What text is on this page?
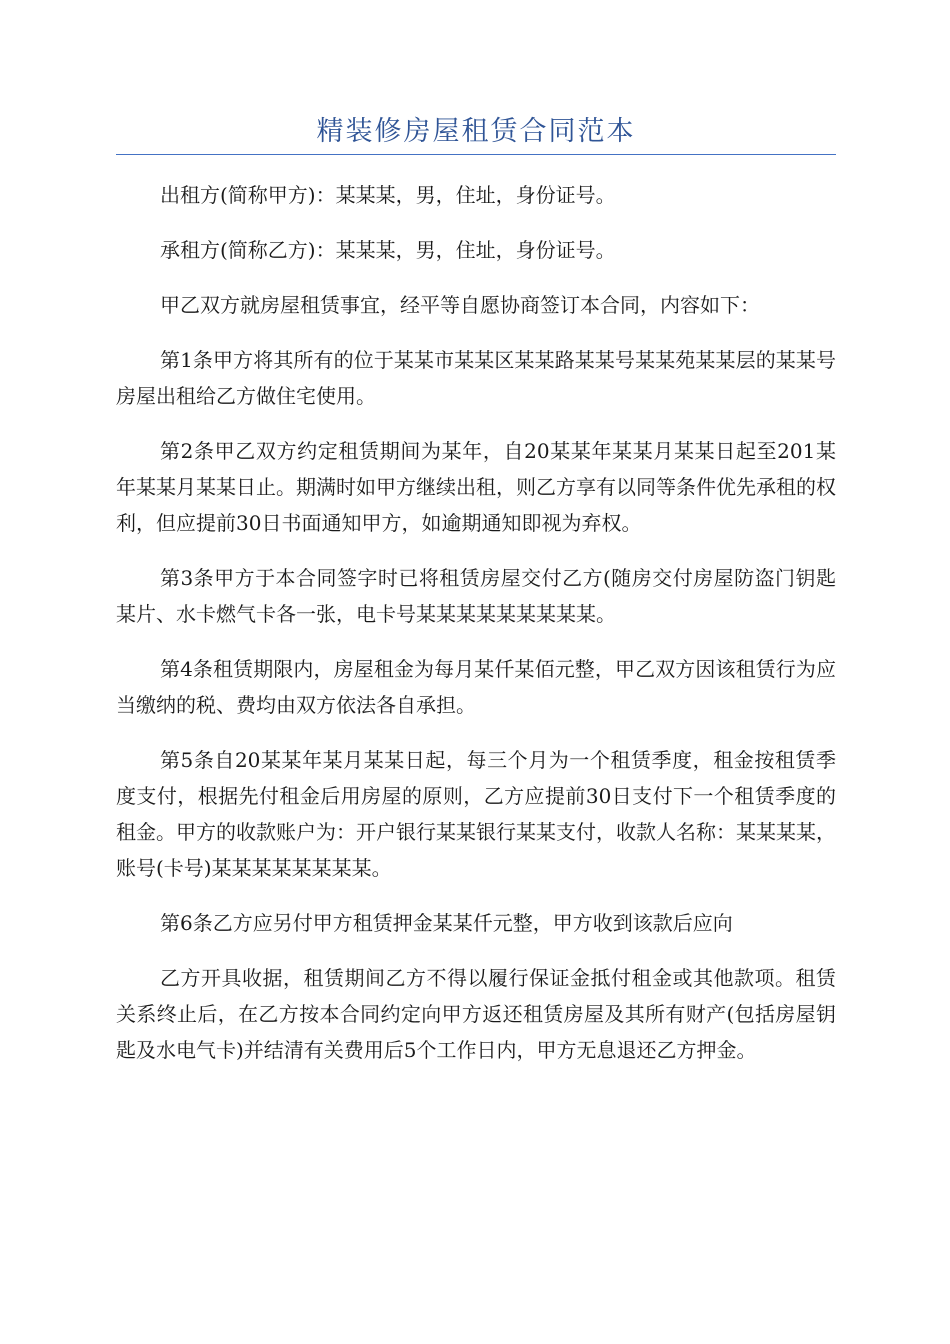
精装修房屋租赁合同范本

出租方(简称甲方)：某某某，男，住址，身份证号。

承租方(简称乙方)：某某某，男，住址，身份证号。

甲乙双方就房屋租赁事宜，经平等自愿协商签订本合同，内容如下：

第1条甲方将其所有的位于某某市某某区某某路某某号某某苑某某层的某某号房屋出租给乙方做住宅使用。

第2条甲乙双方约定租赁期间为某年，自20某某年某某月某某日起至201某年某某月某某日止。期满时如甲方继续出租，则乙方享有以同等条件优先承租的权利，但应提前30日书面通知甲方，如逾期通知即视为弃权。

第3条甲方于本合同签字时已将租赁房屋交付乙方(随房交付房屋防盗门钥匙某片、水卡燃气卡各一张，电卡号某某某某某某某某某。

第4条租赁期限内，房屋租金为每月某仟某佰元整，甲乙双方因该租赁行为应当缴纳的税、费均由双方依法各自承担。

第5条自20某某年某月某某日起，每三个月为一个租赁季度，租金按租赁季度支付，根据先付租金后用房屋的原则，乙方应提前30日支付下一个租赁季度的租金。甲方的收款账户为：开户银行某某银行某某支付，收款人名称：某某某某，账号(卡号)某某某某某某某某。

第6条乙方应另付甲方租赁押金某某仟元整，甲方收到该款后应向

乙方开具收据，租赁期间乙方不得以履行保证金抵付租金或其他款项。租赁关系终止后，在乙方按本合同约定向甲方返还租赁房屋及其所有财产(包括房屋钥匙及水电气卡)并结清有关费用后5个工作日内，甲方无息退还乙方押金。
